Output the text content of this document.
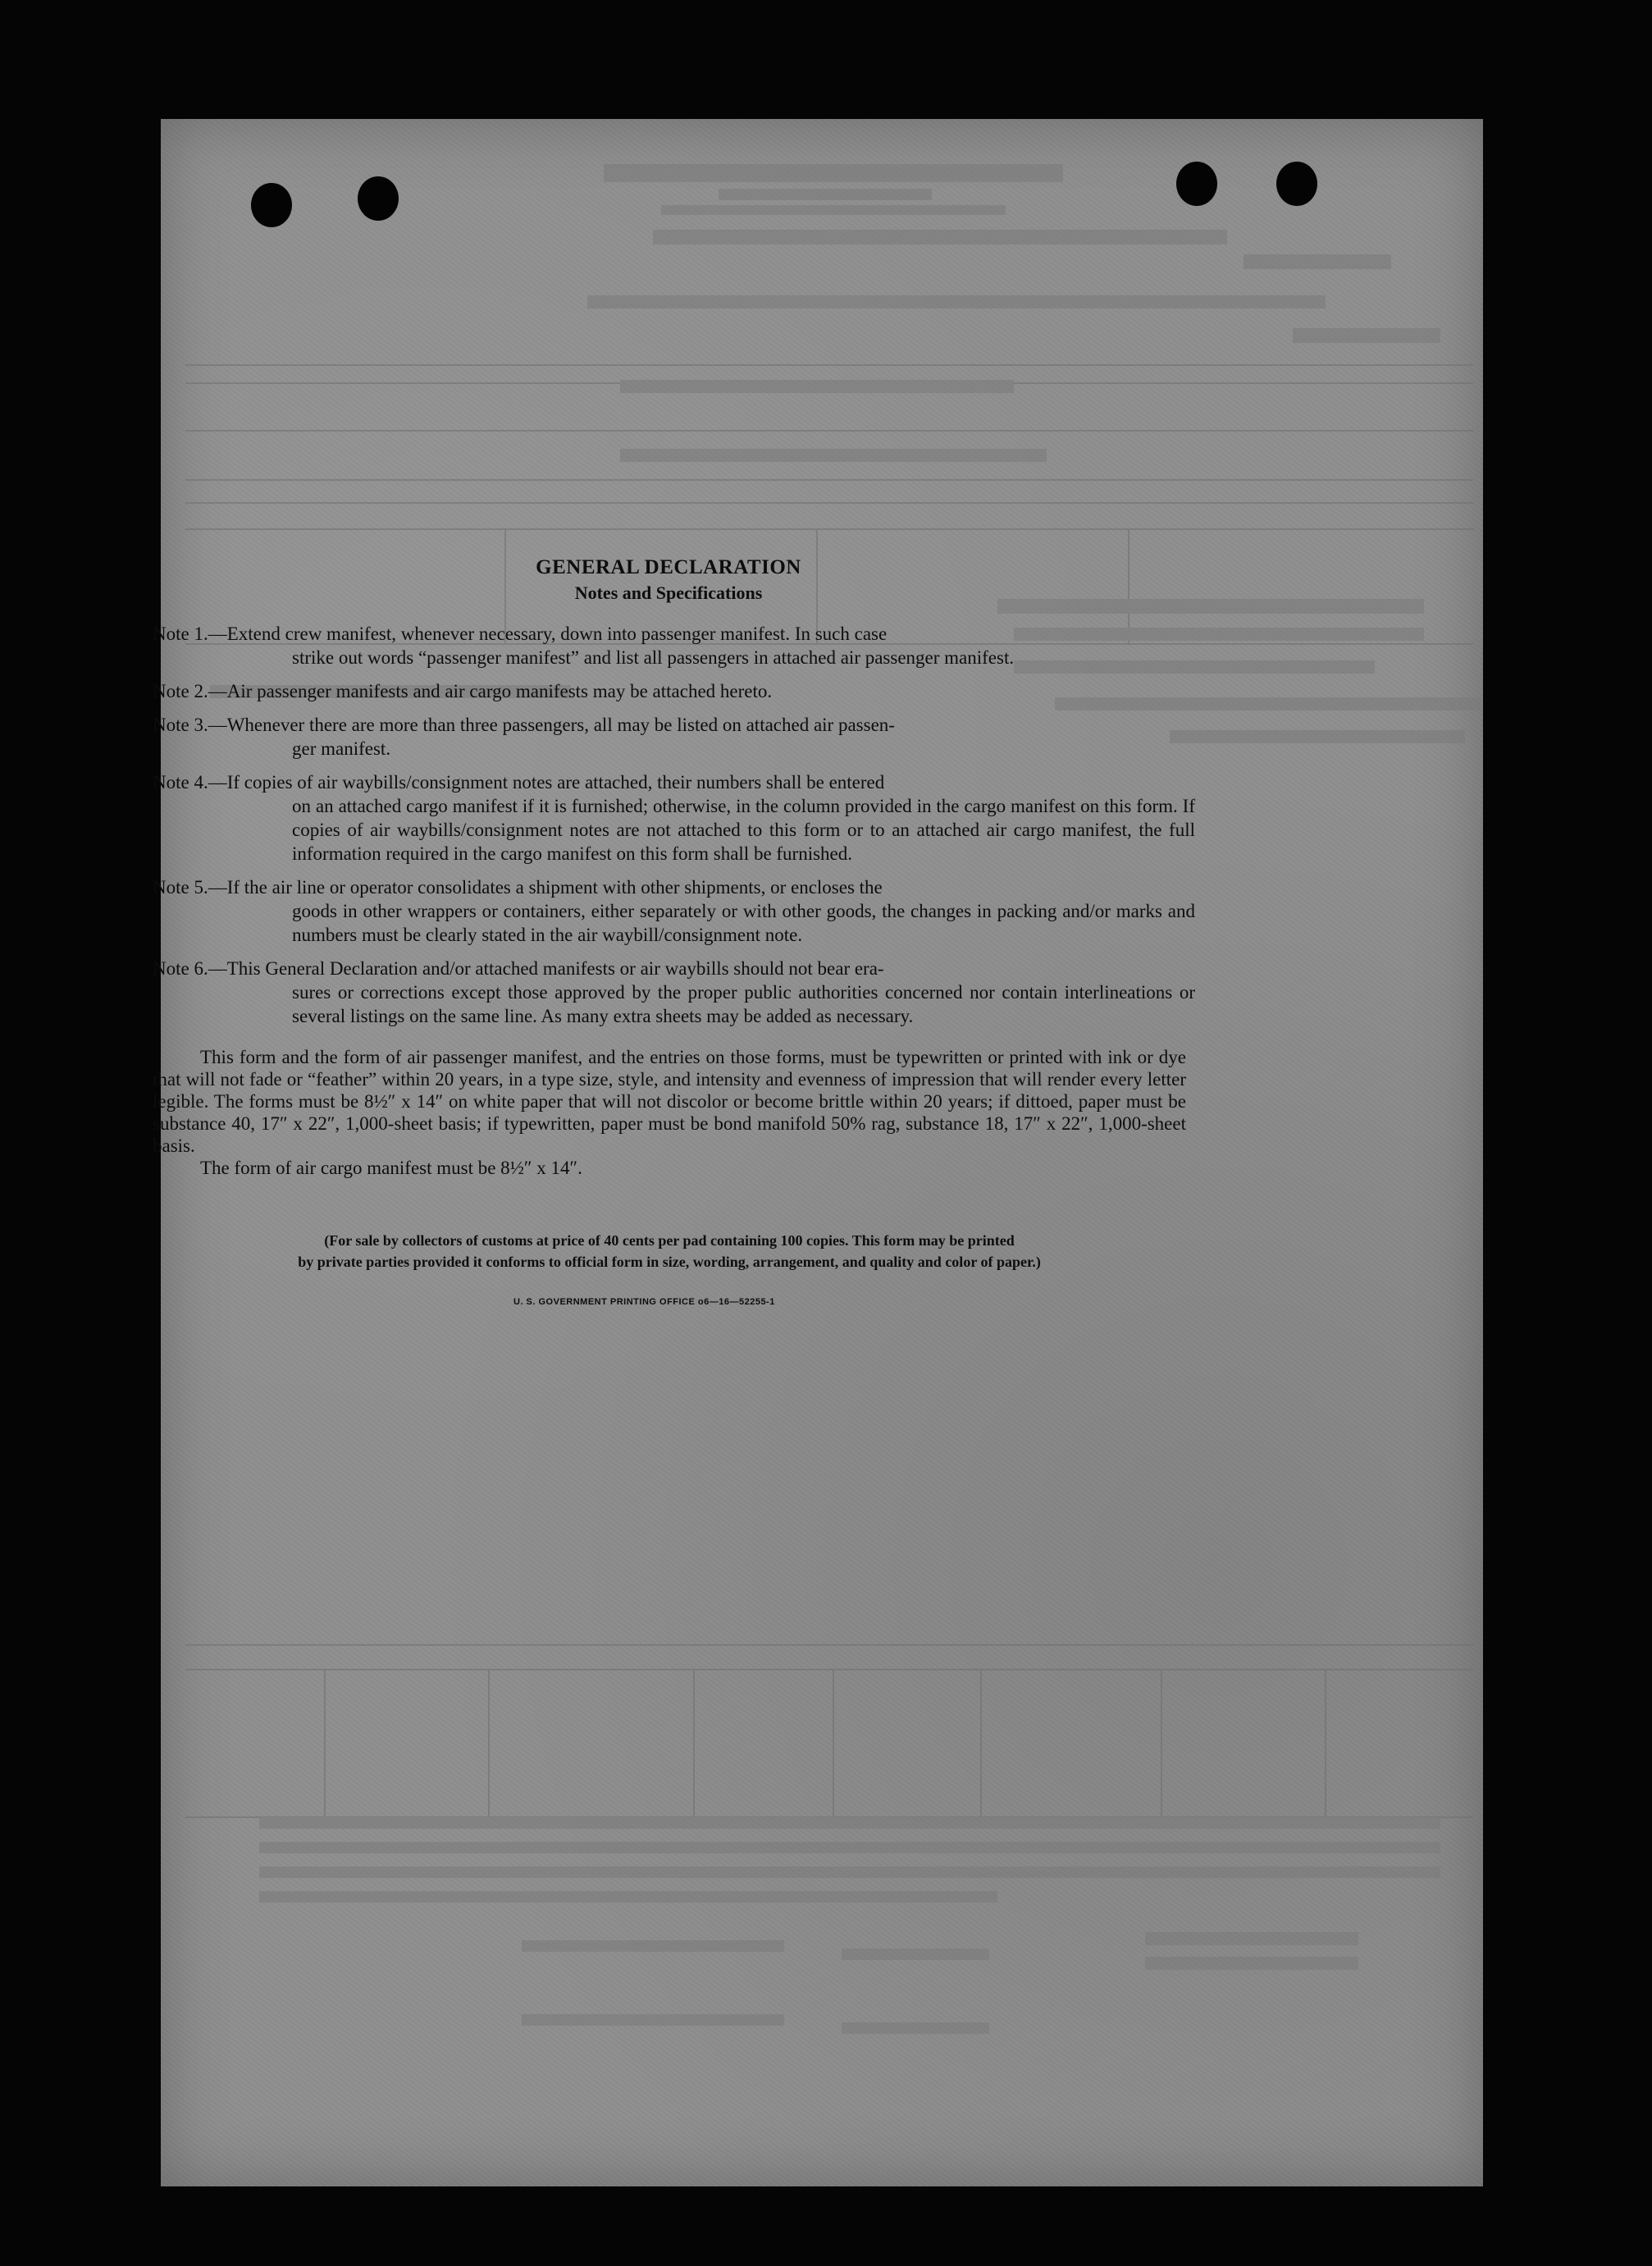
GENERAL DECLARATION
Notes and Specifications
Note 1.—Extend crew manifest, whenever necessary, down into passenger manifest. In such case
strike out words “passenger manifest” and list all passengers in attached air passenger manifest.
Note 2.—Air passenger manifests and air cargo manifests may be attached hereto.
Note 3.—Whenever there are more than three passengers, all may be listed on attached air passen-
ger manifest.
Note 4.—If copies of air waybills/consignment notes are attached, their numbers shall be entered
on an attached cargo manifest if it is furnished; otherwise, in the column provided in the cargo manifest on this form. If copies of air waybills/consignment notes are not attached to this form or to an attached air cargo manifest, the full information required in the cargo manifest on this form shall be furnished.
Note 5.—If the air line or operator consolidates a shipment with other shipments, or encloses the
goods in other wrappers or containers, either separately or with other goods, the changes in packing and/or marks and numbers must be clearly stated in the air waybill/consignment note.
Note 6.—This General Declaration and/or attached manifests or air waybills should not bear era-
sures or corrections except those approved by the proper public authorities concerned nor contain interlineations or several listings on the same line. As many extra sheets may be added as necessary.
This form and the form of air passenger manifest, and the entries on those forms, must be typewritten or printed with ink or dye that will not fade or “feather” within 20 years, in a type size, style, and intensity and evenness of impression that will render every letter legible. The forms must be 8½″ x 14″ on white paper that will not discolor or become brittle within 20 years; if dittoed, paper must be substance 40, 17″ x 22″, 1,000-sheet basis; if typewritten, paper must be bond manifold 50% rag, substance 18, 17″ x 22″, 1,000-sheet basis.
The form of air cargo manifest must be 8½″ x 14″.
(For sale by collectors of customs at price of 40 cents per pad containing 100 copies. This form may be printed
by private parties provided it conforms to official form in size, wording, arrangement, and quality and color of paper.)
U. S. GOVERNMENT PRINTING OFFICE o6—16—52255-1
